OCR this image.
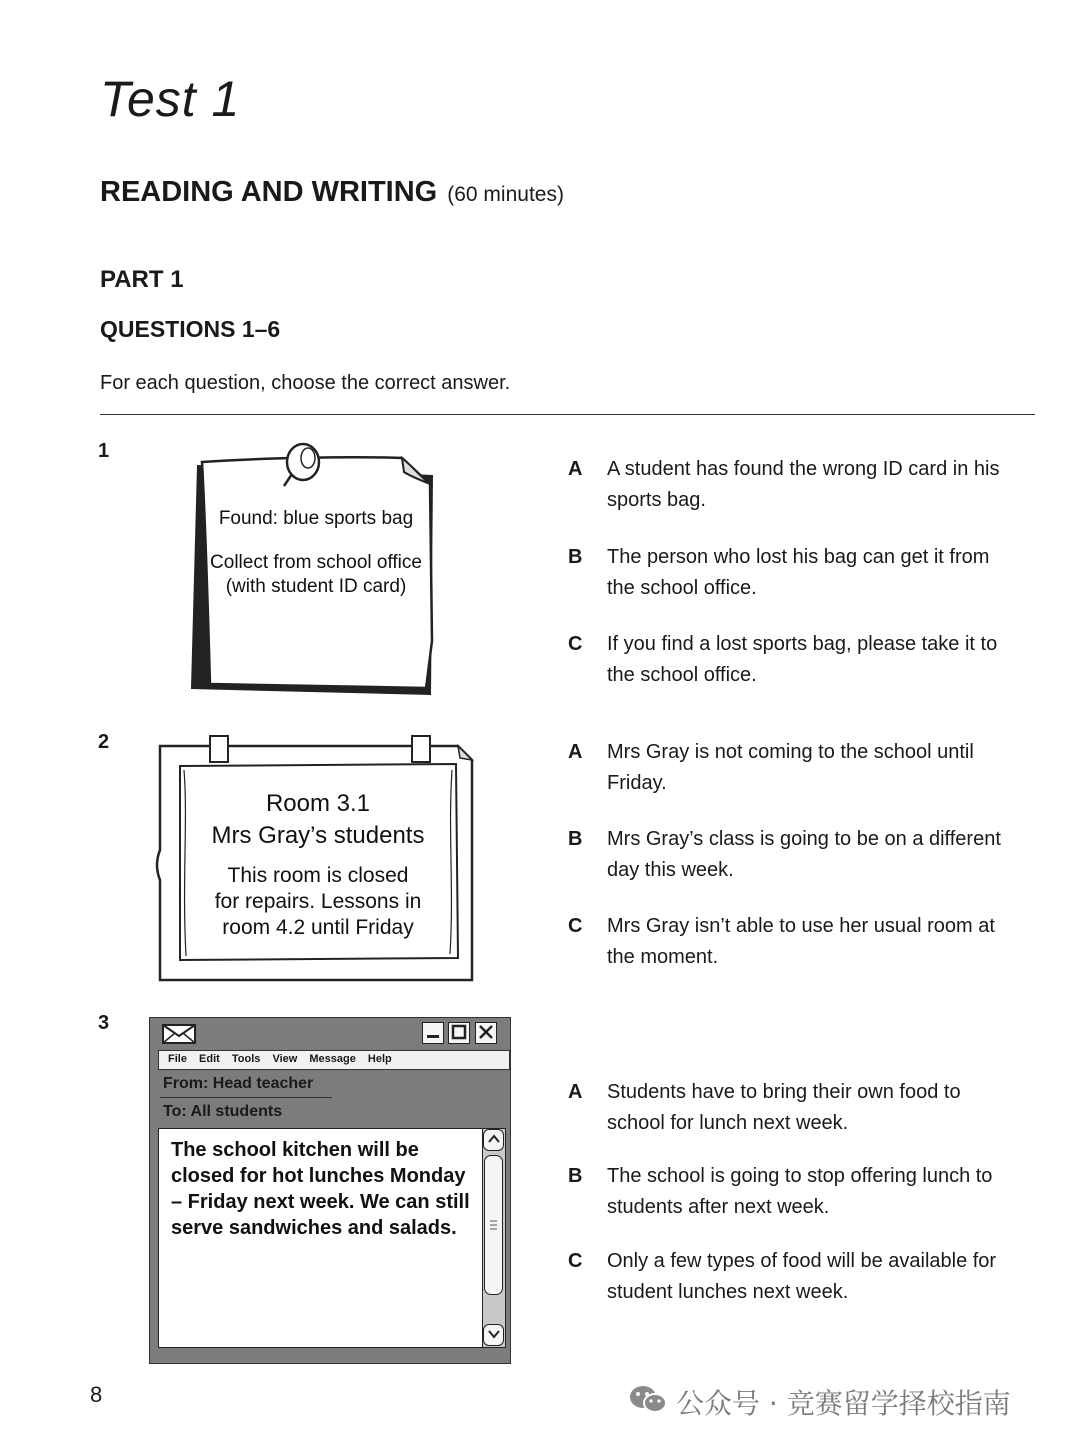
Test 1
READING AND WRITING (60 minutes)
PART 1
QUESTIONS 1–6
For each question, choose the correct answer.
1
Found: blue sports bag
Collect from school office
(with student ID card)
A A student has found the wrong ID card in his sports bag.
B The person who lost his bag can get it from the school office.
C If you find a lost sports bag, please take it to the school office.
2
Room 3.1
Mrs Gray’s students
This room is closed
for repairs. Lessons in
room 4.2 until Friday
A Mrs Gray is not coming to the school until Friday.
B Mrs Gray’s class is going to be on a different day this week.
C Mrs Gray isn’t able to use her usual room at the moment.
3
File Edit Tools View Message Help
From: Head teacher
To: All students
The school kitchen will be closed for hot lunches Monday – Friday next week. We can still serve sandwiches and salads.
A Students have to bring their own food to school for lunch next week.
B The school is going to stop offering lunch to students after next week.
C Only a few types of food will be available for student lunches next week.
8	公众号 · 竞赛留学择校指南
